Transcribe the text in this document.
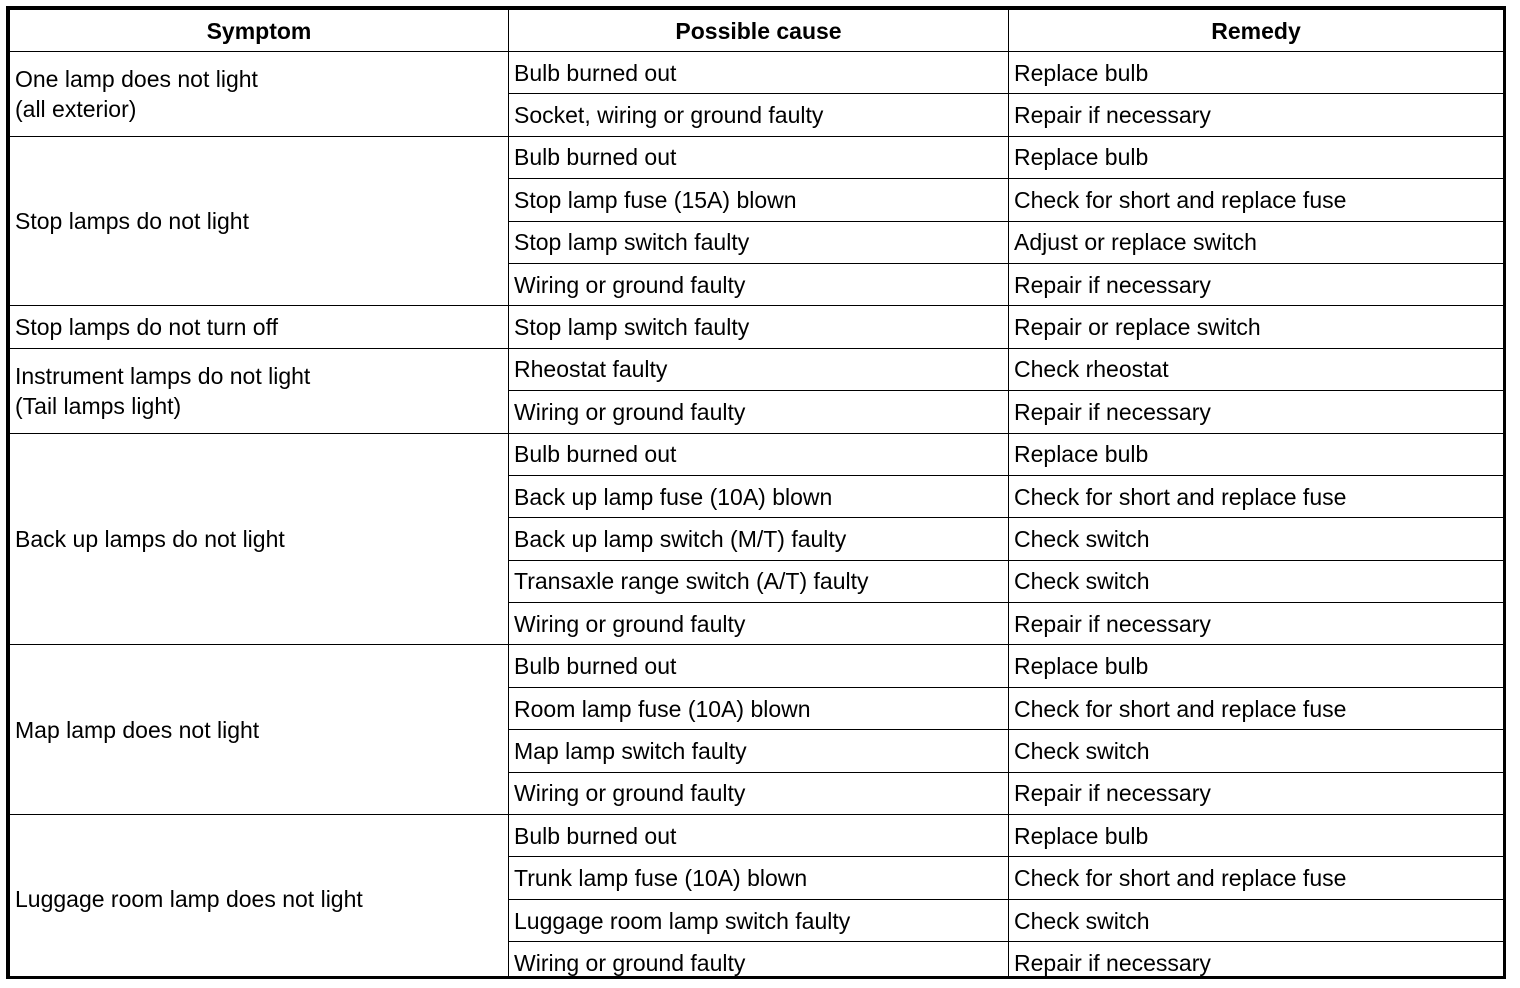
Symptom	Possible cause	Remedy

One lamp does not light
(all exterior)	Bulb burned out	Replace bulb
	Socket, wiring or ground faulty	Repair if necessary

Stop lamps do not light	Bulb burned out	Replace bulb
	Stop lamp fuse (15A) blown	Check for short and replace fuse
	Stop lamp switch faulty	Adjust or replace switch
	Wiring or ground faulty	Repair if necessary

Stop lamps do not turn off	Stop lamp switch faulty	Repair or replace switch

Instrument lamps do not light
(Tail lamps light)	Rheostat faulty	Check rheostat
	Wiring or ground faulty	Repair if necessary

Back up lamps do not light	Bulb burned out	Replace bulb
	Back up lamp fuse (10A) blown	Check for short and replace fuse
	Back up lamp switch (M/T) faulty	Check switch
	Transaxle range switch (A/T) faulty	Check switch
	Wiring or ground faulty	Repair if necessary

Map lamp does not light	Bulb burned out	Replace bulb
	Room lamp fuse (10A) blown	Check for short and replace fuse
	Map lamp switch faulty	Check switch
	Wiring or ground faulty	Repair if necessary

Luggage room lamp does not light	Bulb burned out	Replace bulb
	Trunk lamp fuse (10A) blown	Check for short and replace fuse
	Luggage room lamp switch faulty	Check switch
	Wiring or ground faulty	Repair if necessary
